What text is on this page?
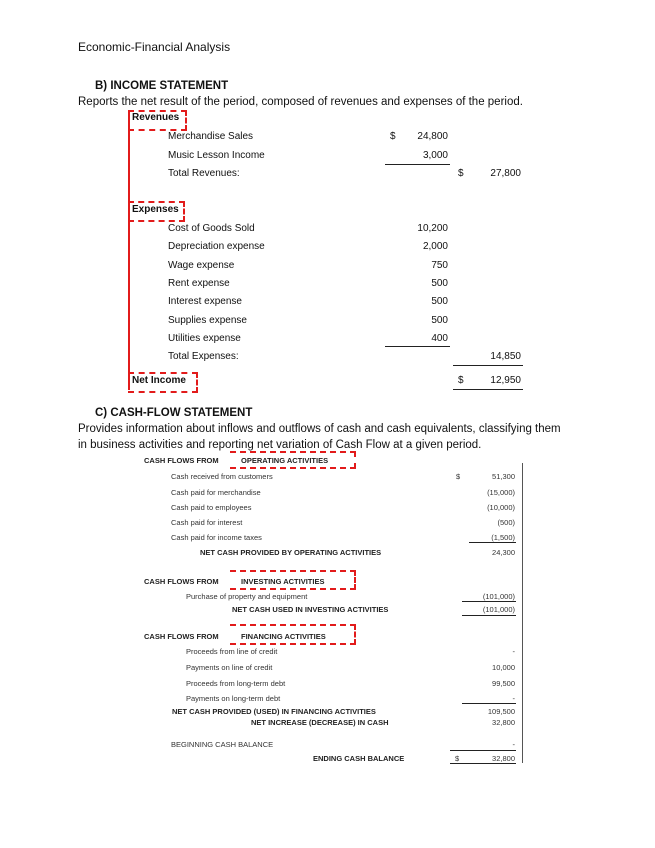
Economic-Financial Analysis
B) INCOME STATEMENT
Reports the net result of the period, composed of revenues and expenses of the period.
Revenues
Merchandise Sales	$	24,800
Music Lesson Income	3,000
Total Revenues:	$	27,800
Expenses
Cost of Goods Sold	10,200
Depreciation expense	2,000
Wage expense	750
Rent expense	500
Interest expense	500
Supplies expense	500
Utilities expense	400
Total Expenses:	14,850
Net Income	$	12,950
C) CASH-FLOW STATEMENT
Provides information about inflows and outflows of cash and cash equivalents, classifying them
in business activities and reporting net variation of Cash Flow at a given period.
CASH FLOWS FROM	OPERATING ACTIVITIES
Cash received from customers	$	51,300
Cash paid for merchandise	(15,000)
Cash paid to employees	(10,000)
Cash paid for interest	(500)
Cash paid for income taxes	(1,500)
NET CASH PROVIDED BY OPERATING ACTIVITIES	24,300
CASH FLOWS FROM	INVESTING ACTIVITIES
Purchase of property and equipment	(101,000)
NET CASH USED IN INVESTING ACTIVITIES	(101,000)
CASH FLOWS FROM	FINANCING ACTIVITIES
Proceeds from line of credit	-
Payments on line of credit	10,000
Proceeds from long-term debt	99,500
Payments on long-term debt	-
NET CASH PROVIDED (USED) IN FINANCING ACTIVITIES	109,500
NET INCREASE (DECREASE) IN CASH	32,800
BEGINNING CASH BALANCE	-
ENDING CASH BALANCE	$	32,800
